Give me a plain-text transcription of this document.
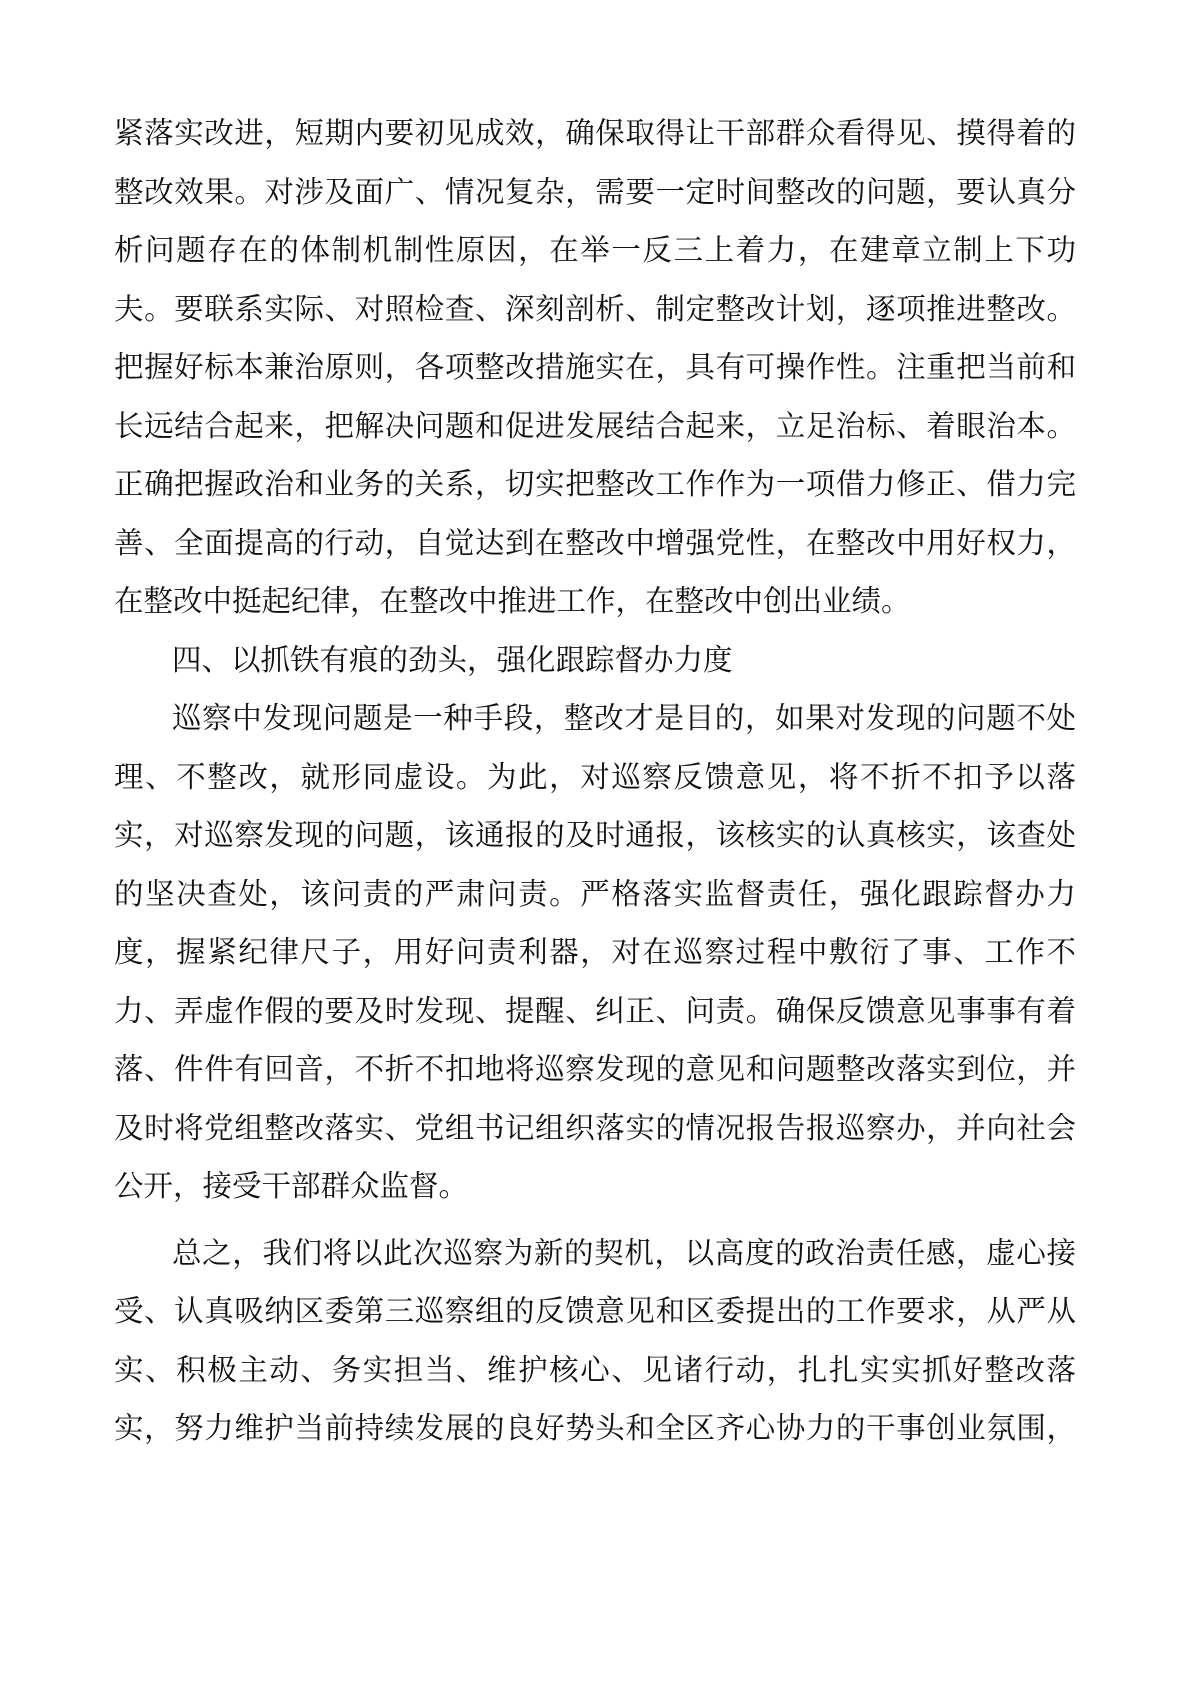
紧落实改进，短期内要初见成效，确保取得让干部群众看得见、摸得着的
整改效果。对涉及面广、情况复杂，需要一定时间整改的问题，要认真分
析问题存在的体制机制性原因，在举一反三上着力，在建章立制上下功
夫。要联系实际、对照检查、深刻剖析、制定整改计划，逐项推进整改。
把握好标本兼治原则，各项整改措施实在，具有可操作性。注重把当前和
长远结合起来，把解决问题和促进发展结合起来，立足治标、着眼治本。
正确把握政治和业务的关系，切实把整改工作作为一项借力修正、借力完
善、全面提高的行动，自觉达到在整改中增强党性，在整改中用好权力，
在整改中挺起纪律，在整改中推进工作，在整改中创出业绩。
四、以抓铁有痕的劲头，强化跟踪督办力度
巡察中发现问题是一种手段，整改才是目的，如果对发现的问题不处
理、不整改，就形同虚设。为此，对巡察反馈意见，将不折不扣予以落
实，对巡察发现的问题，该通报的及时通报，该核实的认真核实，该查处
的坚决查处，该问责的严肃问责。严格落实监督责任，强化跟踪督办力
度，握紧纪律尺子，用好问责利器，对在巡察过程中敷衍了事、工作不
力、弄虚作假的要及时发现、提醒、纠正、问责。确保反馈意见事事有着
落、件件有回音，不折不扣地将巡察发现的意见和问题整改落实到位，并
及时将党组整改落实、党组书记组织落实的情况报告报巡察办，并向社会
公开，接受干部群众监督。
总之，我们将以此次巡察为新的契机，以高度的政治责任感，虚心接
受、认真吸纳区委第三巡察组的反馈意见和区委提出的工作要求，从严从
实、积极主动、务实担当、维护核心、见诸行动，扎扎实实抓好整改落
实，努力维护当前持续发展的良好势头和全区齐心协力的干事创业氛围，
